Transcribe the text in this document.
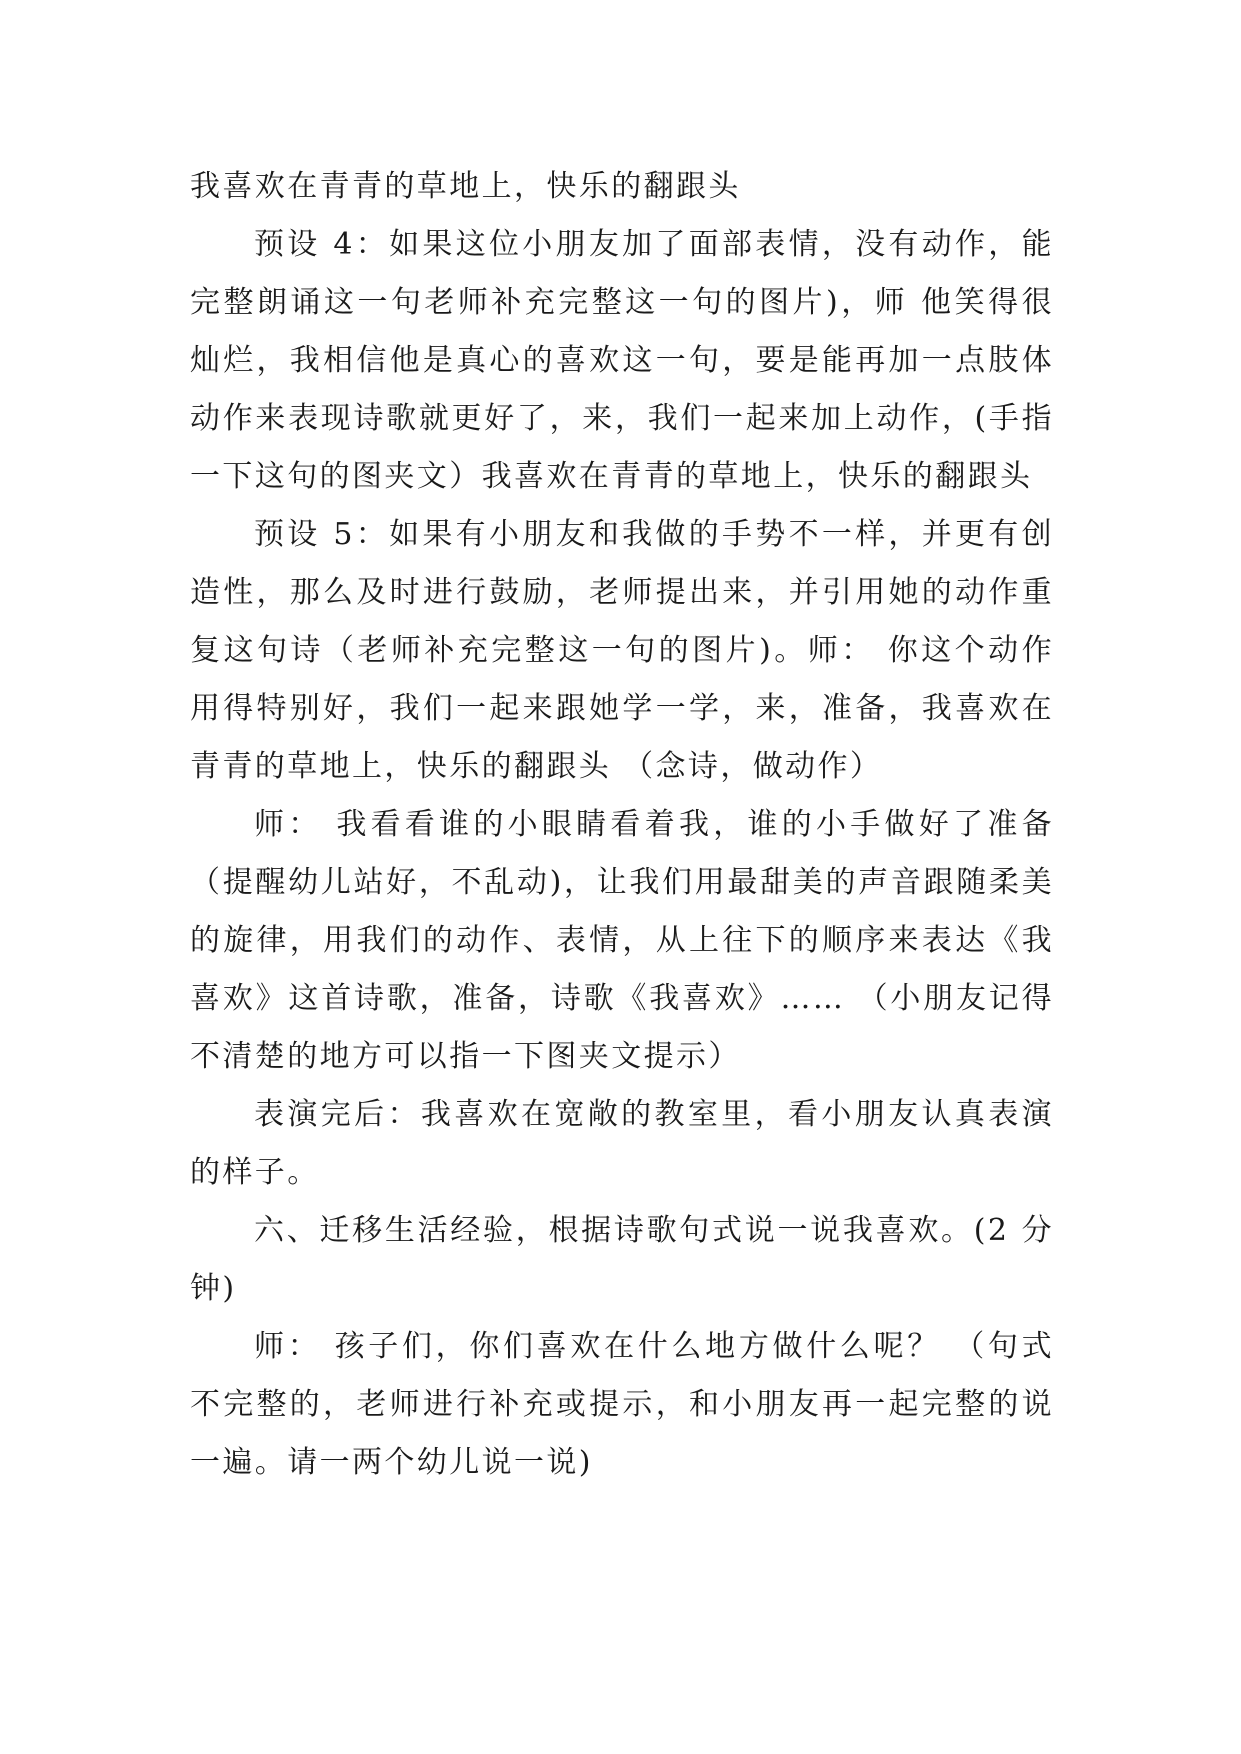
我喜欢在青青的草地上，快乐的翻跟头

预设 4：如果这位小朋友加了面部表情，没有动作，能完整朗诵这一句老师补充完整这一句的图片)，师 他笑得很灿烂，我相信他是真心的喜欢这一句，要是能再加一点肢体动作来表现诗歌就更好了，来，我们一起来加上动作，(手指一下这句的图夹文）我喜欢在青青的草地上，快乐的翻跟头

预设 5：如果有小朋友和我做的手势不一样，并更有创造性，那么及时进行鼓励，老师提出来，并引用她的动作重复这句诗（老师补充完整这一句的图片)。师： 你这个动作用得特别好，我们一起来跟她学一学，来，准备，我喜欢在青青的草地上，快乐的翻跟头 （念诗，做动作）

师： 我看看谁的小眼睛看着我，谁的小手做好了准备（提醒幼儿站好，不乱动)，让我们用最甜美的声音跟随柔美的旋律，用我们的动作、表情，从上往下的顺序来表达《我喜欢》这首诗歌，准备，诗歌《我喜欢》…… （小朋友记得不清楚的地方可以指一下图夹文提示）

表演完后：我喜欢在宽敞的教室里，看小朋友认真表演的样子。

六、迁移生活经验，根据诗歌句式说一说我喜欢。(2 分钟)

师： 孩子们，你们喜欢在什么地方做什么呢？ （句式不完整的，老师进行补充或提示，和小朋友再一起完整的说一遍。请一两个幼儿说一说)
